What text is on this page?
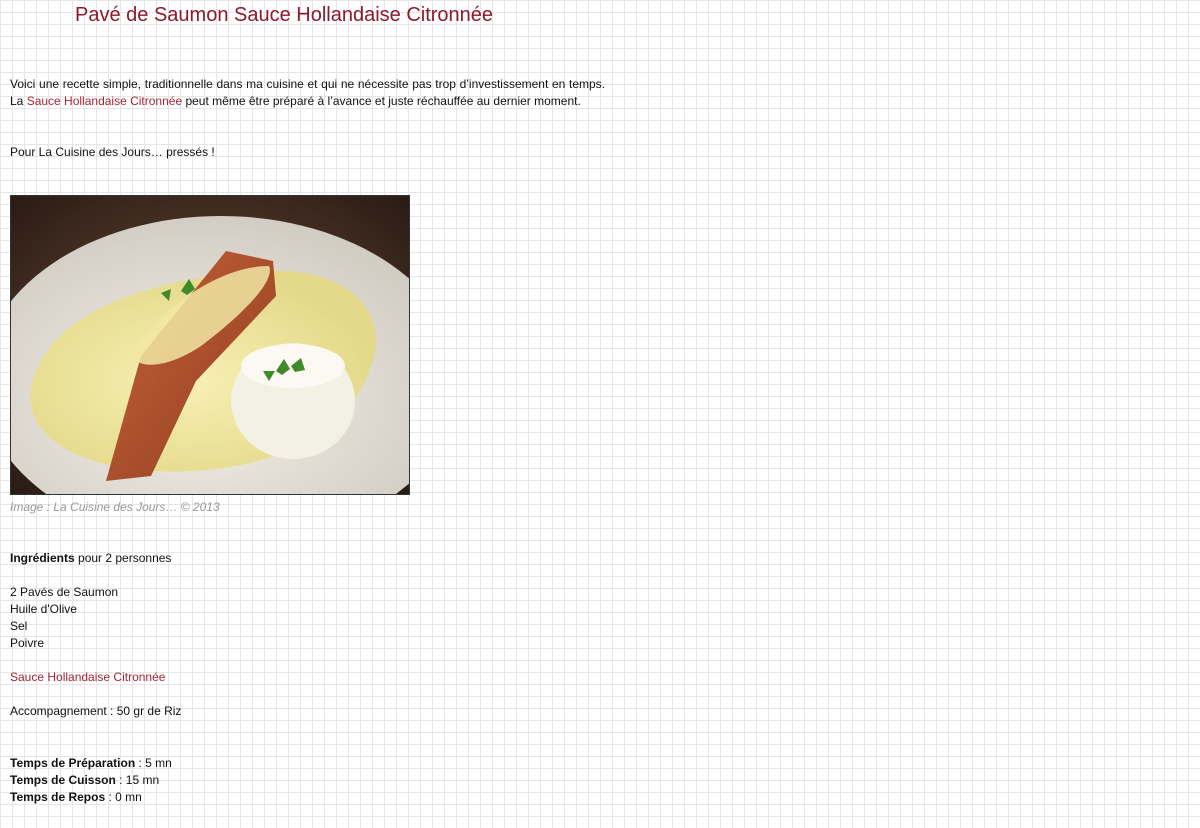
Pavé de Saumon Sauce Hollandaise Citronnée

Voici une recette simple, traditionnelle dans ma cuisine et qui ne nécessite pas trop d’investissement en temps. La Sauce Hollandaise Citronnée peut même être préparé à l’avance et juste réchauffée au dernier moment.

Pour La Cuisine des Jours… pressés !
Image : La Cuisine des Jours… © 2013
Ingrédients pour 2 personnes
2 Pavés de Saumon
Huile d'Olive
Sel
Poivre
Sauce Hollandaise Citronnée
Accompagnement : 50 gr de Riz
Temps de Préparation : 5 mn
Temps de Cuisson : 15 mn
Temps de Repos : 0 mn
